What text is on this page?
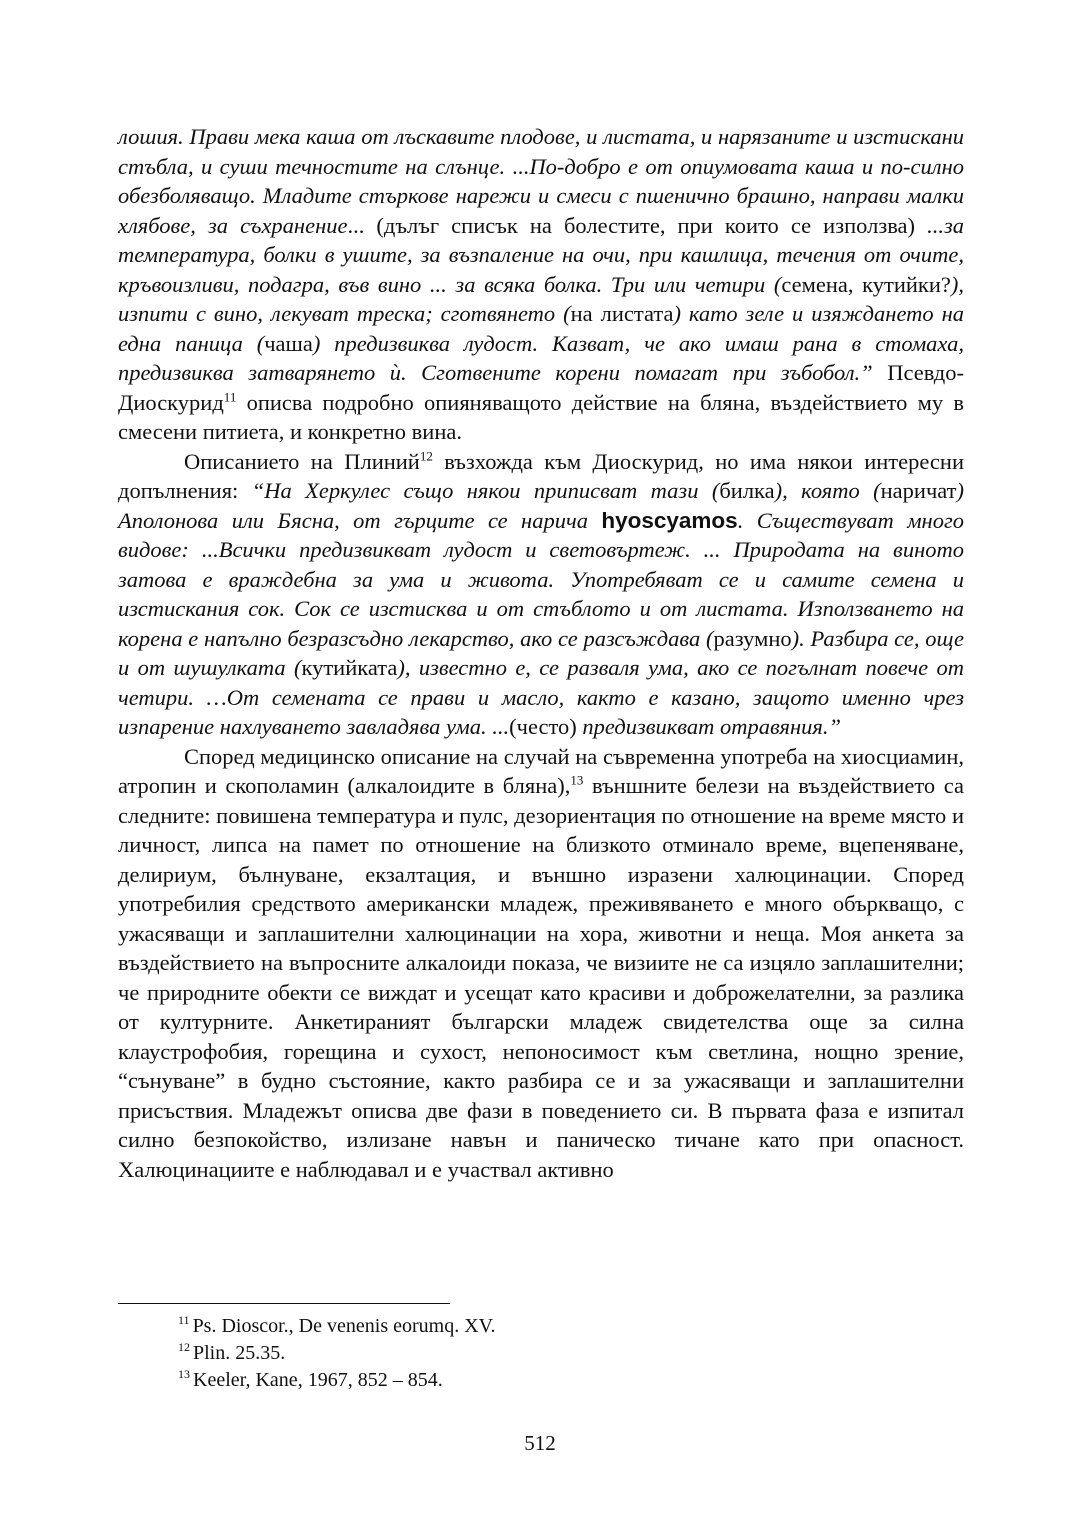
лошия. Прави мека каша от лъскавите плодове, и листата, и нарязаните и изстискани стъбла, и суши течностите на слънце. ...По-добро е от опиумовата каша и по-силно обезболяващо. Младите стъркове нарежи и смеси с пшенично брашно, направи малки хлябове, за съхранение... (дълъг списък на болестите, при които се използва) ...за температура, болки в ушите, за възпаление на очи, при кашлица, течения от очите, кръвоизливи, подагра, във вино ... за всяка болка. Три или четири (семена, кутийки?), изпити с вино, лекуват треска; сготвянето (на листата) като зеле и изяждането на една паница (чаша) предизвиква лудост. Казват, че ако имаш рана в стомаха, предизвиква затварянето ѝ. Сготвените корени помагат при зъбобол.” Псевдо-Диоскурид$^{11}$ описва подробно опияняващото действие на бляна, въздействието му в смесени питиета, и конкретно вина.

Описанието на Плиний$^{12}$ възхожда към Диоскурид, но има някои интересни допълнения: “На Херкулес също някои приписват тази (билка), която (наричат) Аполонова или Бясна, от гърците се нарича hyoscyamos. Съществуват много видове: ...Всички предизвикват лудост и световъртеж. ... Природата на виното затова е враждебна за ума и живота. Употребяват се и самите семена и изстискания сок. Сок се изстисква и от стъблото и от листата. Използването на корена е напълно безразсъдно лекарство, ако се разсъждава (разумно). Разбира се, още и от шушулката (кутийката), известно е, се разваля ума, ако се погълнат повече от четири. …От семената се прави и масло, както е казано, защото именно чрез изпарение нахлуването завладява ума. ...(често) предизвикват отравяния.”

Според медицинско описание на случай на съвременна употреба на хиосциамин, атропин и скополамин (алкалоидите в бляна),$^{13}$ външните белези на въздействието са следните: повишена температура и пулс, дезориентация по отношение на време място и личност, липса на памет по отношение на близкото отминало време, вцепеняване, делириум, бълнуване, екзалтация, и външно изразени халюцинации. Според употребилия средството американски младеж, преживяването е много объркващо, с ужасяващи и заплашителни халюцинации на хора, животни и неща. Моя анкета за въздействието на въпросните алкалоиди показа, че визиите не са изцяло заплашителни; че природните обекти се виждат и усещат като красиви и доброжелателни, за разлика от културните. Анкетираният български младеж свидетелства още за силна клаустрофобия, горещина и сухост, непоносимост към светлина, нощно зрение, “сънуване” в будно състояние, както разбира се и за ужасяващи и заплашителни присъствия. Младежът описва две фази в поведението си. В първата фаза е изпитал силно безпокойство, излизане навън и паническо тичане като при опасност. Халюцинациите е наблюдавал и е участвал активно

$^{11}$ Ps. Dioscor., De venenis eorumq. XV.
$^{12}$ Plin. 25.35.
$^{13}$ Keeler, Kane, 1967, 852 – 854.
512
